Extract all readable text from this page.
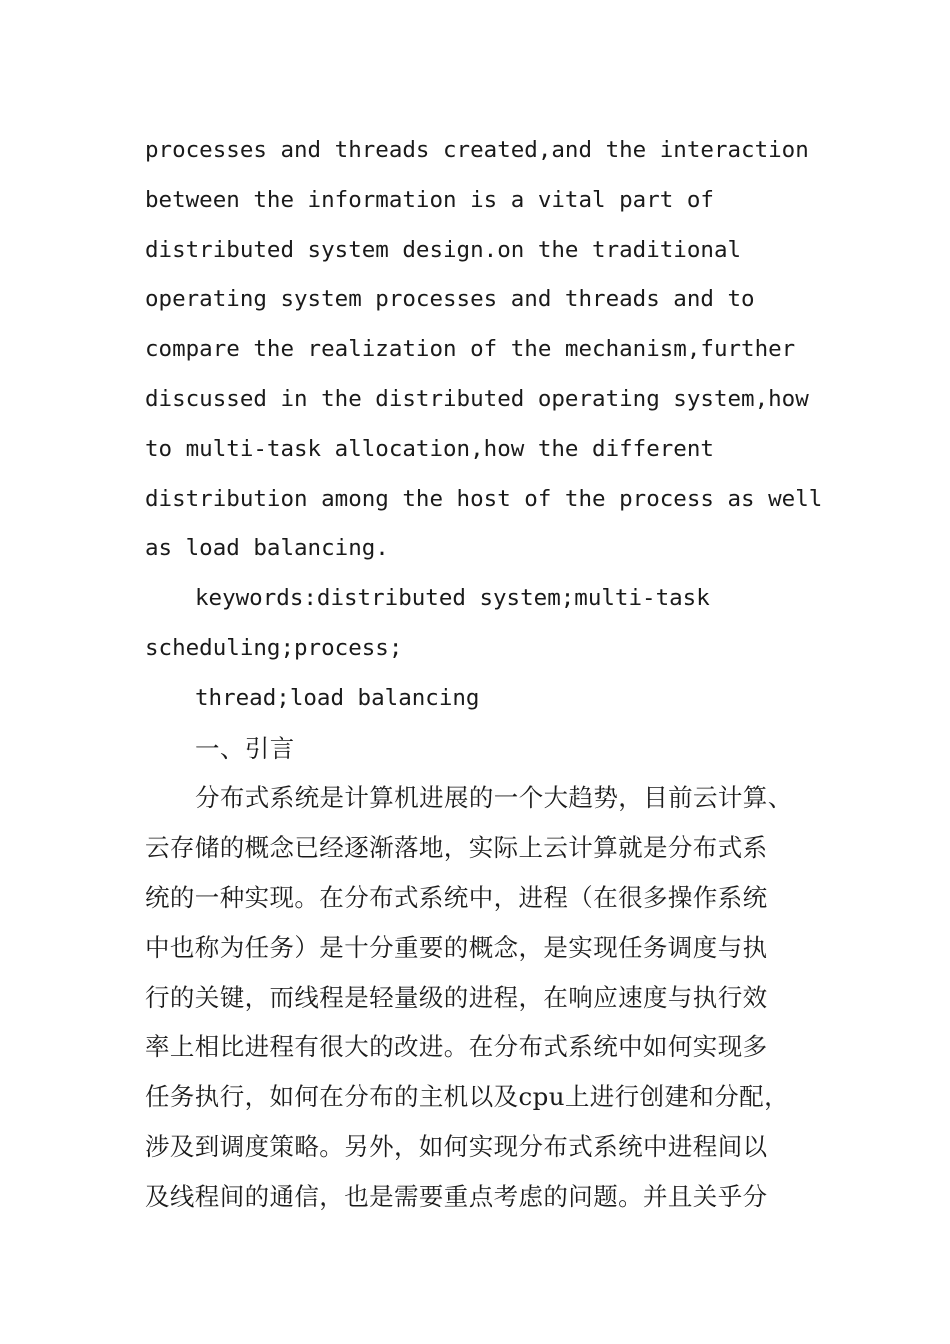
processes and threads created,and the interaction
between the information is a vital part of
distributed system design.on the traditional
operating system processes and threads and to
compare the realization of the mechanism,further
discussed in the distributed operating system,how
to multi-task allocation,how the different
distribution among the host of the process as well
as load balancing.
keywords:distributed system;multi-task
scheduling;process;
thread;load balancing
一、引言
分布式系统是计算机进展的一个大趋势，目前云计算、
云存储的概念已经逐渐落地，实际上云计算就是分布式系
统的一种实现。在分布式系统中，进程（在很多操作系统
中也称为任务）是十分重要的概念，是实现任务调度与执
行的关键，而线程是轻量级的进程，在响应速度与执行效
率上相比进程有很大的改进。在分布式系统中如何实现多
任务执行，如何在分布的主机以及cpu上进行创建和分配，
涉及到调度策略。另外，如何实现分布式系统中进程间以
及线程间的通信，也是需要重点考虑的问题。并且关乎分
